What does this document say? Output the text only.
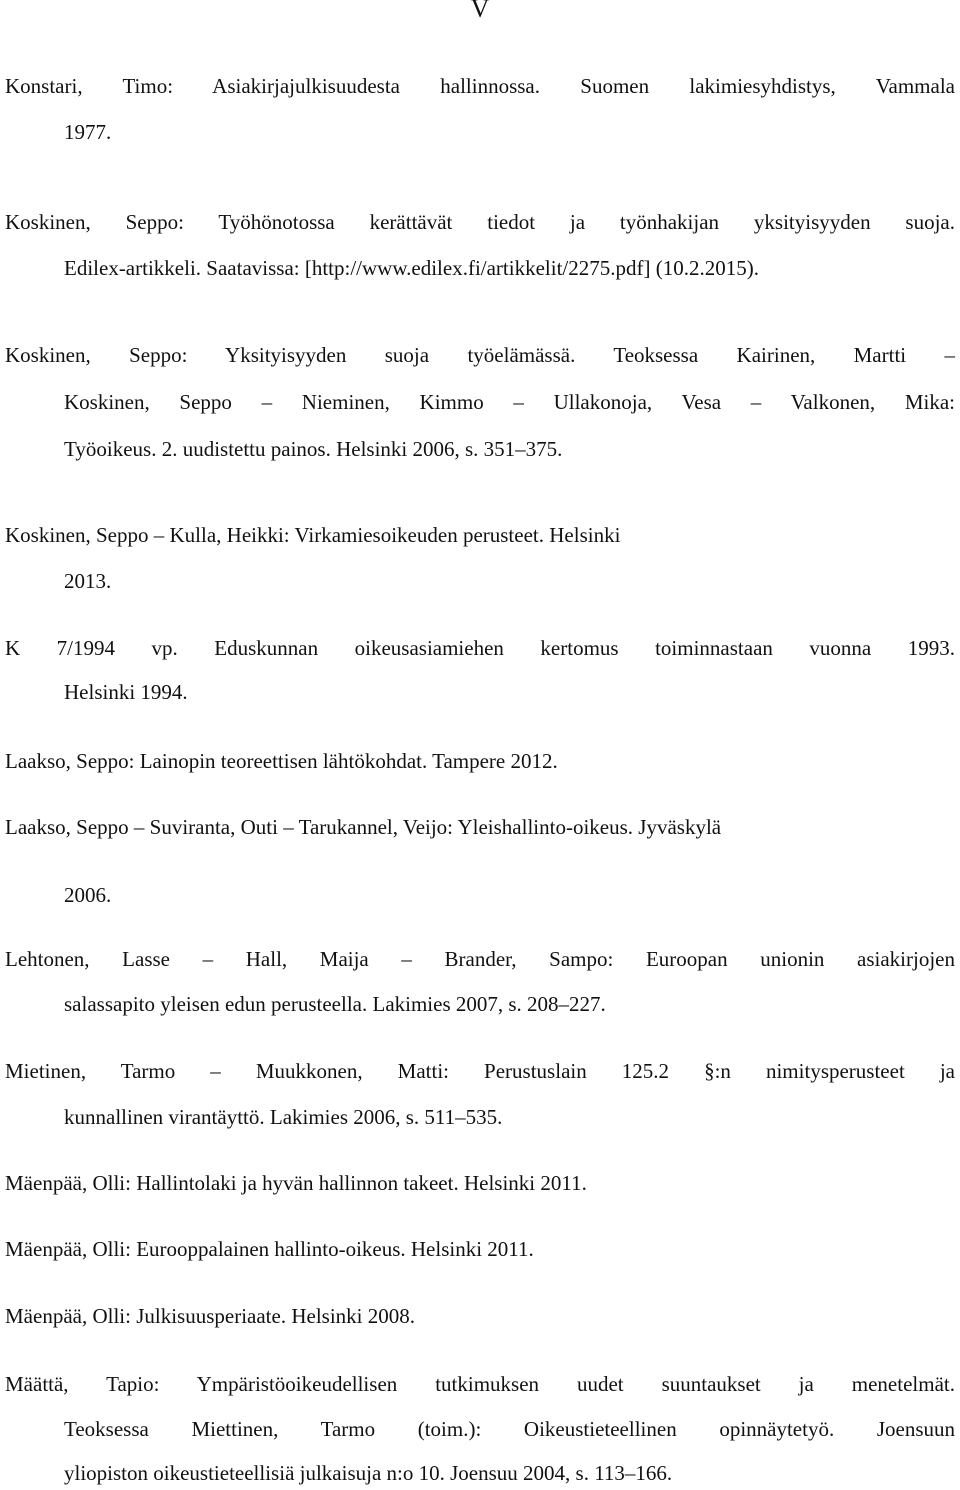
V
Konstari, Timo: Asiakirjajulkisuudesta hallinnossa. Suomen lakimiesyhdistys, Vammala
1977.
Koskinen, Seppo: Työhönotossa kerättävät tiedot ja työnhakijan yksityisyyden suoja.
Edilex-artikkeli. Saatavissa: [http://www.edilex.fi/artikkelit/2275.pdf] (10.2.2015).
Koskinen, Seppo: Yksityisyyden suoja työelämässä. Teoksessa Kairinen, Martti –
Koskinen, Seppo – Nieminen, Kimmo – Ullakonoja, Vesa – Valkonen, Mika:
Työoikeus. 2. uudistettu painos. Helsinki 2006, s. 351–375.
Koskinen, Seppo – Kulla, Heikki: Virkamiesoikeuden perusteet. Helsinki
2013.
K 7/1994 vp. Eduskunnan oikeusasiamiehen kertomus toiminnastaan vuonna 1993.
Helsinki 1994.
Laakso, Seppo: Lainopin teoreettisen lähtökohdat. Tampere 2012.
Laakso, Seppo – Suviranta, Outi – Tarukannel, Veijo: Yleishallinto-oikeus. Jyväskylä
2006.
Lehtonen, Lasse – Hall, Maija – Brander, Sampo: Euroopan unionin asiakirjojen
salassapito yleisen edun perusteella. Lakimies 2007, s. 208–227.
Mietinen, Tarmo – Muukkonen, Matti: Perustuslain 125.2 §:n nimitysperusteet ja
kunnallinen virantäyttö. Lakimies 2006, s. 511–535.
Mäenpää, Olli: Hallintolaki ja hyvän hallinnon takeet. Helsinki 2011.
Mäenpää, Olli: Eurooppalainen hallinto-oikeus. Helsinki 2011.
Mäenpää, Olli: Julkisuusperiaate. Helsinki 2008.
Määttä, Tapio: Ympäristöoikeudellisen tutkimuksen uudet suuntaukset ja menetelmät.
Teoksessa Miettinen, Tarmo (toim.): Oikeustieteellinen opinnäytetyö. Joensuun
yliopiston oikeustieteellisiä julkaisuja n:o 10. Joensuu 2004, s. 113–166.
